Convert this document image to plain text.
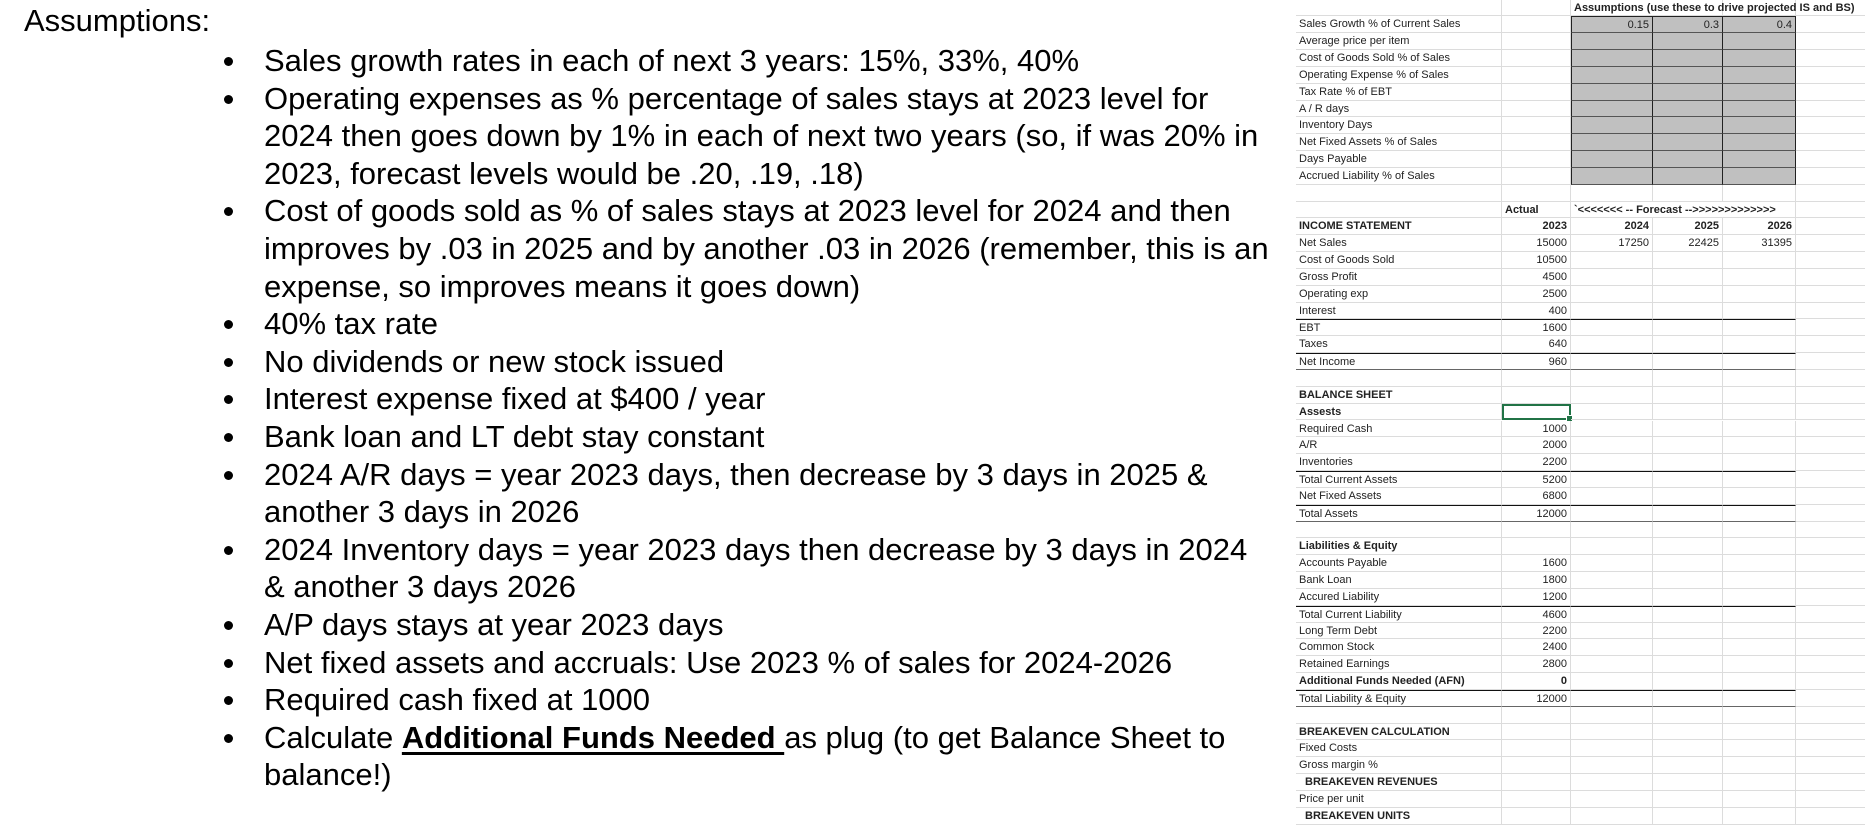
Assumptions:
Sales growth rates in each of next 3 years: 15%, 33%, 40%
Operating expenses as % percentage of sales stays at 2023 level for 2024 then goes down by 1% in each of next two years (so, if was 20% in 2023, forecast levels would be .20, .19, .18)
Cost of goods sold as % of sales stays at 2023 level for 2024 and then improves by .03 in 2025 and by another .03 in 2026 (remember, this is an expense, so improves means it goes down)
40% tax rate
No dividends or new stock issued
Interest expense fixed at $400 / year
Bank loan and LT debt stay constant
2024 A/R days = year 2023 days, then decrease by 3 days in 2025 & another 3 days in 2026
2024 Inventory days = year 2023 days then decrease by 3 days in 2024 & another 3 days 2026
A/P days stays at year 2023 days
Net fixed assets and accruals: Use 2023 % of sales for 2024-2026
Required cash fixed at 1000
Calculate Additional Funds Needed as plug (to get Balance Sheet to balance!)
Assumptions (use these to drive projected IS and BS)
Sales Growth % of Current Sales	0.15	0.3	0.4
Average price per item
Cost of Goods Sold % of Sales
Operating Expense % of Sales
Tax Rate % of EBT
A / R days
Inventory Days
Net Fixed Assets % of Sales
Days Payable
Accrued Liability % of Sales
Actual	`<<<<<<< -- Forecast -->>>>>>>>>>>>>
INCOME STATEMENT	2023	2024	2025	2026
Net Sales	15000	17250	22425	31395
Cost of Goods Sold	10500
Gross Profit	4500
Operating exp	2500
Interest	400
EBT	1600
Taxes	640
Net Income	960
BALANCE SHEET
Assests
Required Cash	1000
A/R	2000
Inventories	2200
Total Current Assets	5200
Net Fixed Assets	6800
Total Assets	12000
Liabilities & Equity
Accounts Payable	1600
Bank Loan	1800
Accured Liability	1200
Total Current Liability	4600
Long Term Debt	2200
Common Stock	2400
Retained Earnings	2800
Additional Funds Needed (AFN)	0
Total Liability & Equity	12000
BREAKEVEN CALCULATION
Fixed Costs
Gross margin %
BREAKEVEN REVENUES
Price per unit
BREAKEVEN UNITS
